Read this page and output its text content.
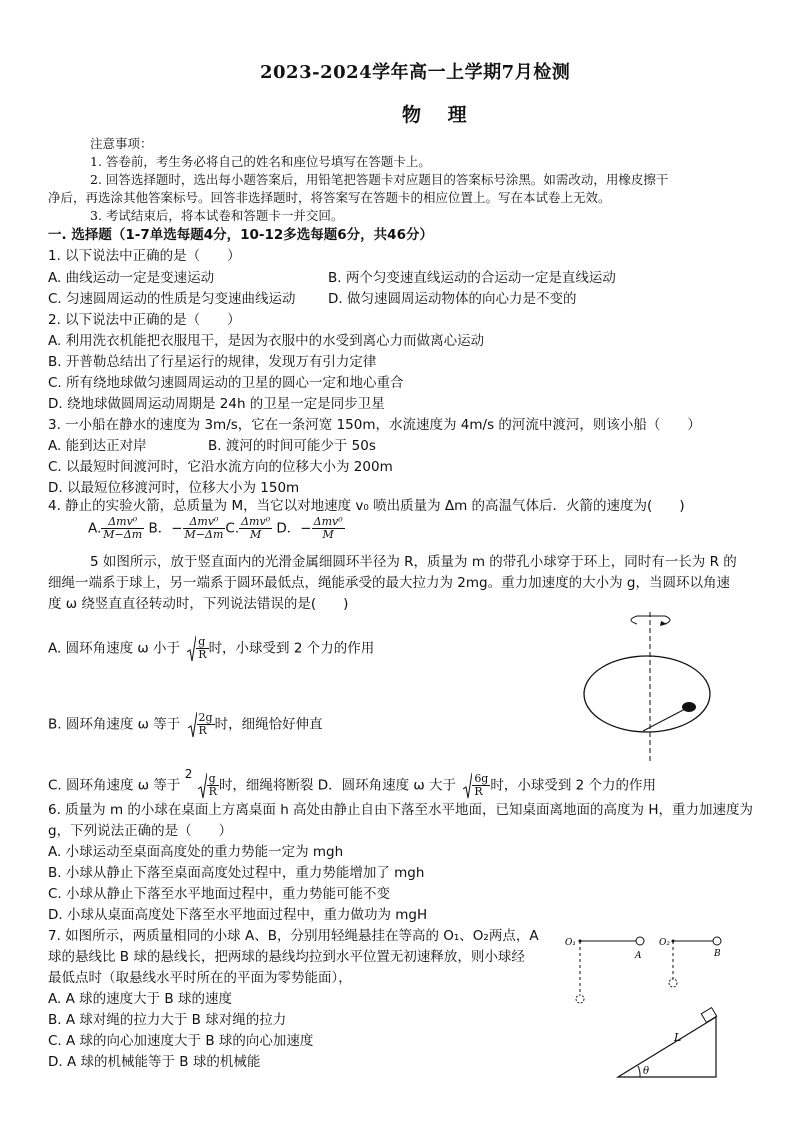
2023-2024学年高一上学期7月检测
物 理
注意事项：
1. 答卷前，考生务必将自己的姓名和座位号填写在答题卡上。
2. 回答选择题时，选出每小题答案后，用铅笔把答题卡对应题目的答案标号涂黑。如需改动，用橡皮擦干
净后，再选涂其他答案标号。回答非选择题时，将答案写在答题卡的相应位置上。写在本试卷上无效。
3. 考试结束后，将本试卷和答题卡一并交回。
一. 选择题（1-7单选每题4分，10-12多选每题6分，共46分）
1. 以下说法中正确的是（　　）
A. 曲线运动一定是变速运动	B. 两个匀变速直线运动的合运动一定是直线运动
C. 匀速圆周运动的性质是匀变速曲线运动 D. 做匀速圆周运动物体的向心力是不变的
2. 以下说法中正确的是（　　）
A. 利用洗衣机能把衣服甩干，是因为衣服中的水受到离心力而做离心运动
B. 开普勒总结出了行星运行的规律，发现万有引力定律
C. 所有绕地球做匀速圆周运动的卫星的圆心一定和地心重合
D. 绕地球做圆周运动周期是 24h 的卫星一定是同步卫星
3. 一小船在静水的速度为 3m/s，它在一条河宽 150m，水流速度为 4m/s 的河流中渡河，则该小船（　　）
A. 能到达正对岸	B. 渡河的时间可能少于 50s
C. 以最短时间渡河时，它沿水流方向的位移大小为 200m
D. 以最短位移渡河时，位移大小为 150m
4. 静止的实验火箭，总质量为 M，当它以对地速度 v₀ 喷出质量为 Δm 的高温气体后．火箭的速度为(　　)
A. $\frac{\text{Δmv⁰}}{M-\Delta m}$ B．− $\frac{\text{Δmv⁰}}{M-\Delta m} C$. $\frac{\text{Δmv⁰}}{M}$ D．− $\frac{\text{Δmv⁰}}{M}$
5 如图所示，放于竖直面内的光滑金属细圆环半径为 R，质量为 m 的带孔小球穿于环上，同时有一长为 R 的
细绳一端系于球上，另一端系于圆环最低点，绳能承受的最大拉力为 2mg。重力加速度的大小为 g，当圆环以角速
度 ω 绕竖直直径转动时，下列说法错误的是(　　)
A. 圆环角速度 ω 小于 $\frac{g}{R}$ 时，小球受到 2 个力的作用
B. 圆环角速度 ω 等于 $\frac{2g}{R}$ 时，细绳恰好伸直
C. 圆环角速度 ω 等于 $2 \frac{g}{R}$ 时，细绳将断裂 D．圆环角速度 ω 大于 $\frac{6g}{R}$ 时，小球受到 2 个力的作用
6. 质量为 m 的小球在桌面上方离桌面 h 高处由静止自由下落至水平地面，已知桌面离地面的高度为 H，重力加速度为
g，下列说法正确的是（　　）
A. 小球运动至桌面高度处的重力势能一定为 mgh
B. 小球从静止下落至桌面高度处过程中，重力势能增加了 mgh
C. 小球从静止下落至水平地面过程中，重力势能可能不变
D. 小球从桌面高度处下落至水平地面过程中，重力做功为 mgH
7. 如图所示，两质量相同的小球 A、B，分别用轻绳悬挂在等高的 O₁、O₂两点，A
球的悬线比 B 球的悬线长，把两球的悬线均拉到水平位置无初速释放，则小球经
最低点时（取悬线水平时所在的平面为零势能面），
A. A 球的速度大于 B 球的速度
B. A 球对绳的拉力大于 B 球对绳的拉力
C. A 球的向心加速度大于 B 球的向心加速度
D. A 球的机械能等于 B 球的机械能
O₁
A
O₂
B
L
θ
